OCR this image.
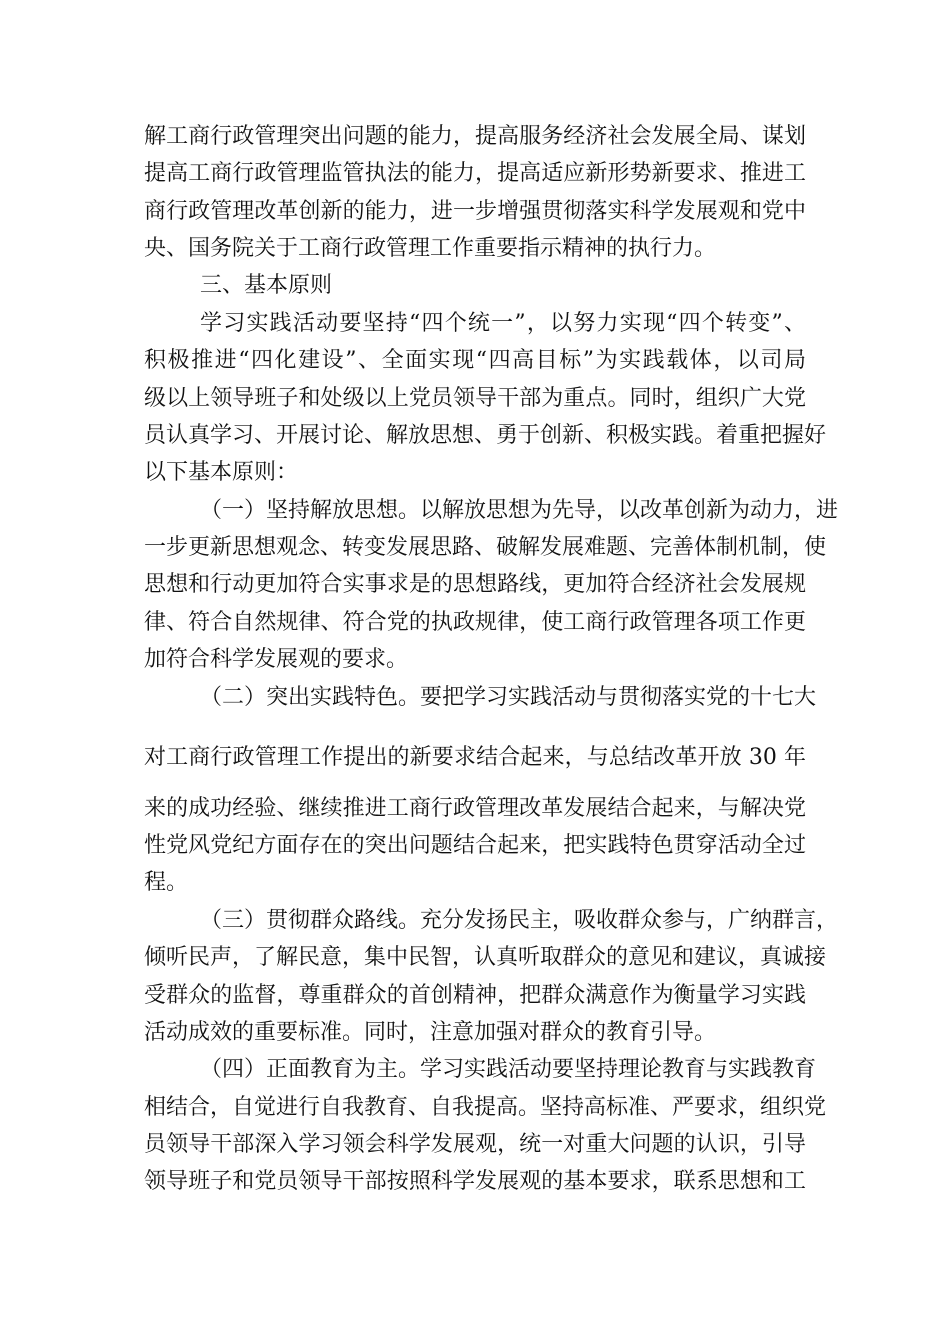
解工商行政管理突出问题的能力，提高服务经济社会发展全局、谋划
提高工商行政管理监管执法的能力，提高适应新形势新要求、推进工
商行政管理改革创新的能力，进一步增强贯彻落实科学发展观和党中
央、国务院关于工商行政管理工作重要指示精神的执行力。
三、基本原则
学习实践活动要坚持“四个统一”，以努力实现“四个转变”、
积极推进“四化建设”、全面实现“四高目标”为实践载体，以司局
级以上领导班子和处级以上党员领导干部为重点。同时，组织广大党
员认真学习、开展讨论、解放思想、勇于创新、积极实践。着重把握好
以下基本原则：
（一）坚持解放思想。以解放思想为先导，以改革创新为动力，进
一步更新思想观念、转变发展思路、破解发展难题、完善体制机制，使
思想和行动更加符合实事求是的思想路线，更加符合经济社会发展规
律、符合自然规律、符合党的执政规律，使工商行政管理各项工作更
加符合科学发展观的要求。
（二）突出实践特色。要把学习实践活动与贯彻落实党的十七大
对工商行政管理工作提出的新要求结合起来，与总结改革开放 30 年
来的成功经验、继续推进工商行政管理改革发展结合起来，与解决党
性党风党纪方面存在的突出问题结合起来，把实践特色贯穿活动全过
程。
（三）贯彻群众路线。充分发扬民主，吸收群众参与，广纳群言，
倾听民声，了解民意，集中民智，认真听取群众的意见和建议，真诚接
受群众的监督，尊重群众的首创精神，把群众满意作为衡量学习实践
活动成效的重要标准。同时，注意加强对群众的教育引导。
（四）正面教育为主。学习实践活动要坚持理论教育与实践教育
相结合，自觉进行自我教育、自我提高。坚持高标准、严要求，组织党
员领导干部深入学习领会科学发展观，统一对重大问题的认识，引导
领导班子和党员领导干部按照科学发展观的基本要求，联系思想和工
